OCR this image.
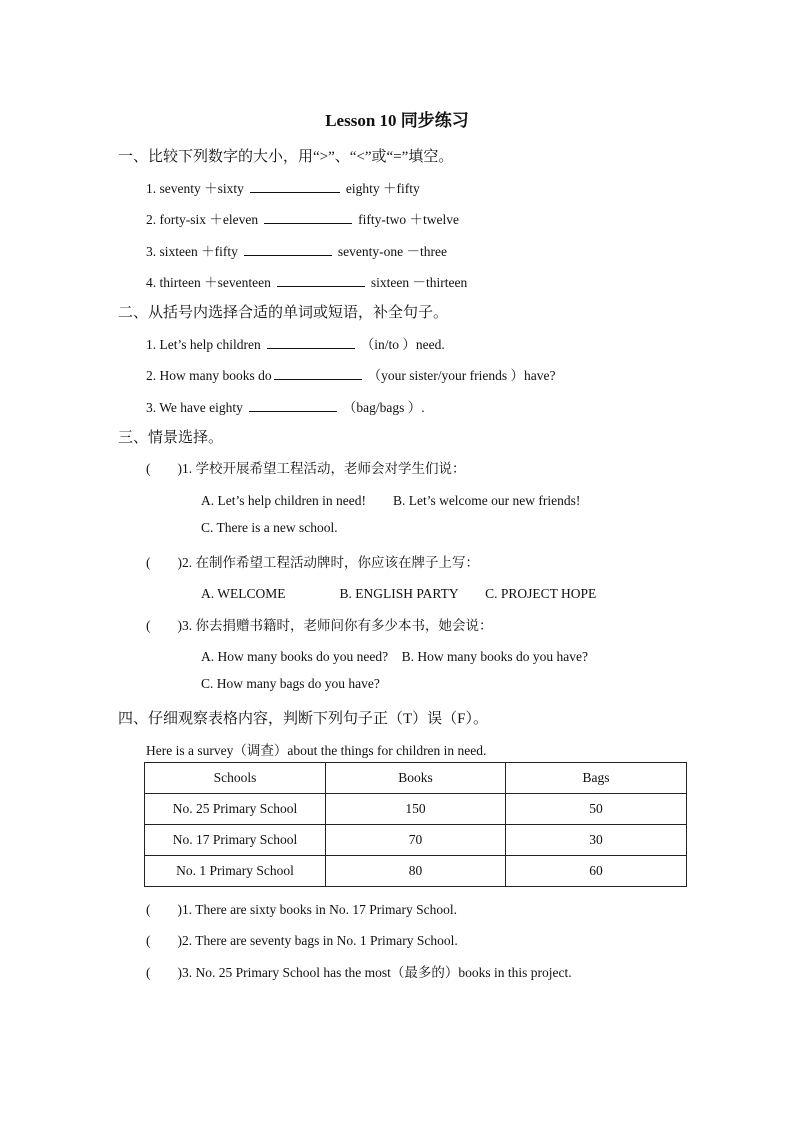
Lesson 10 同步练习
一、比较下列数字的大小，用“>”、“<”或“=”填空。
1. seventy ＋sixty	eighty ＋fifty
2. forty-six ＋eleven	fifty-two ＋twelve
3. sixteen ＋fifty	seventy-one －three
4. thirteen ＋seventeen	sixteen －thirteen
二、从括号内选择合适的单词或短语，补全句子。
1. Let’s help children	（in/to ）need.
2. How many books do	（your sister/your friends ）have?
3. We have eighty	（bag/bags ）.
三、情景选择。
(　　)1. 学校开展希望工程活动，老师会对学生们说：
A. Let’s help children in need!　　B. Let’s welcome our new friends!
C. There is a new school.
(　　)2. 在制作希望工程活动牌时，你应该在牌子上写：
A. WELCOME　　　　B. ENGLISH PARTY　　C. PROJECT HOPE
(　　)3. 你去捐赠书籍时，老师问你有多少本书，她会说：
A. How many books do you need?　B. How many books do you have?
C. How many bags do you have?
四、仔细观察表格内容，判断下列句子正（T）误（F）。
Here is a survey（调查）about the things for children in need.
Schools	Books	Bags
No. 25 Primary School	150	50
No. 17 Primary School	70	30
No. 1 Primary School	80	60
(　　)1. There are sixty books in No. 17 Primary School.
(　　)2. There are seventy bags in No. 1 Primary School.
(　　)3. No. 25 Primary School has the most（最多的）books in this project.
